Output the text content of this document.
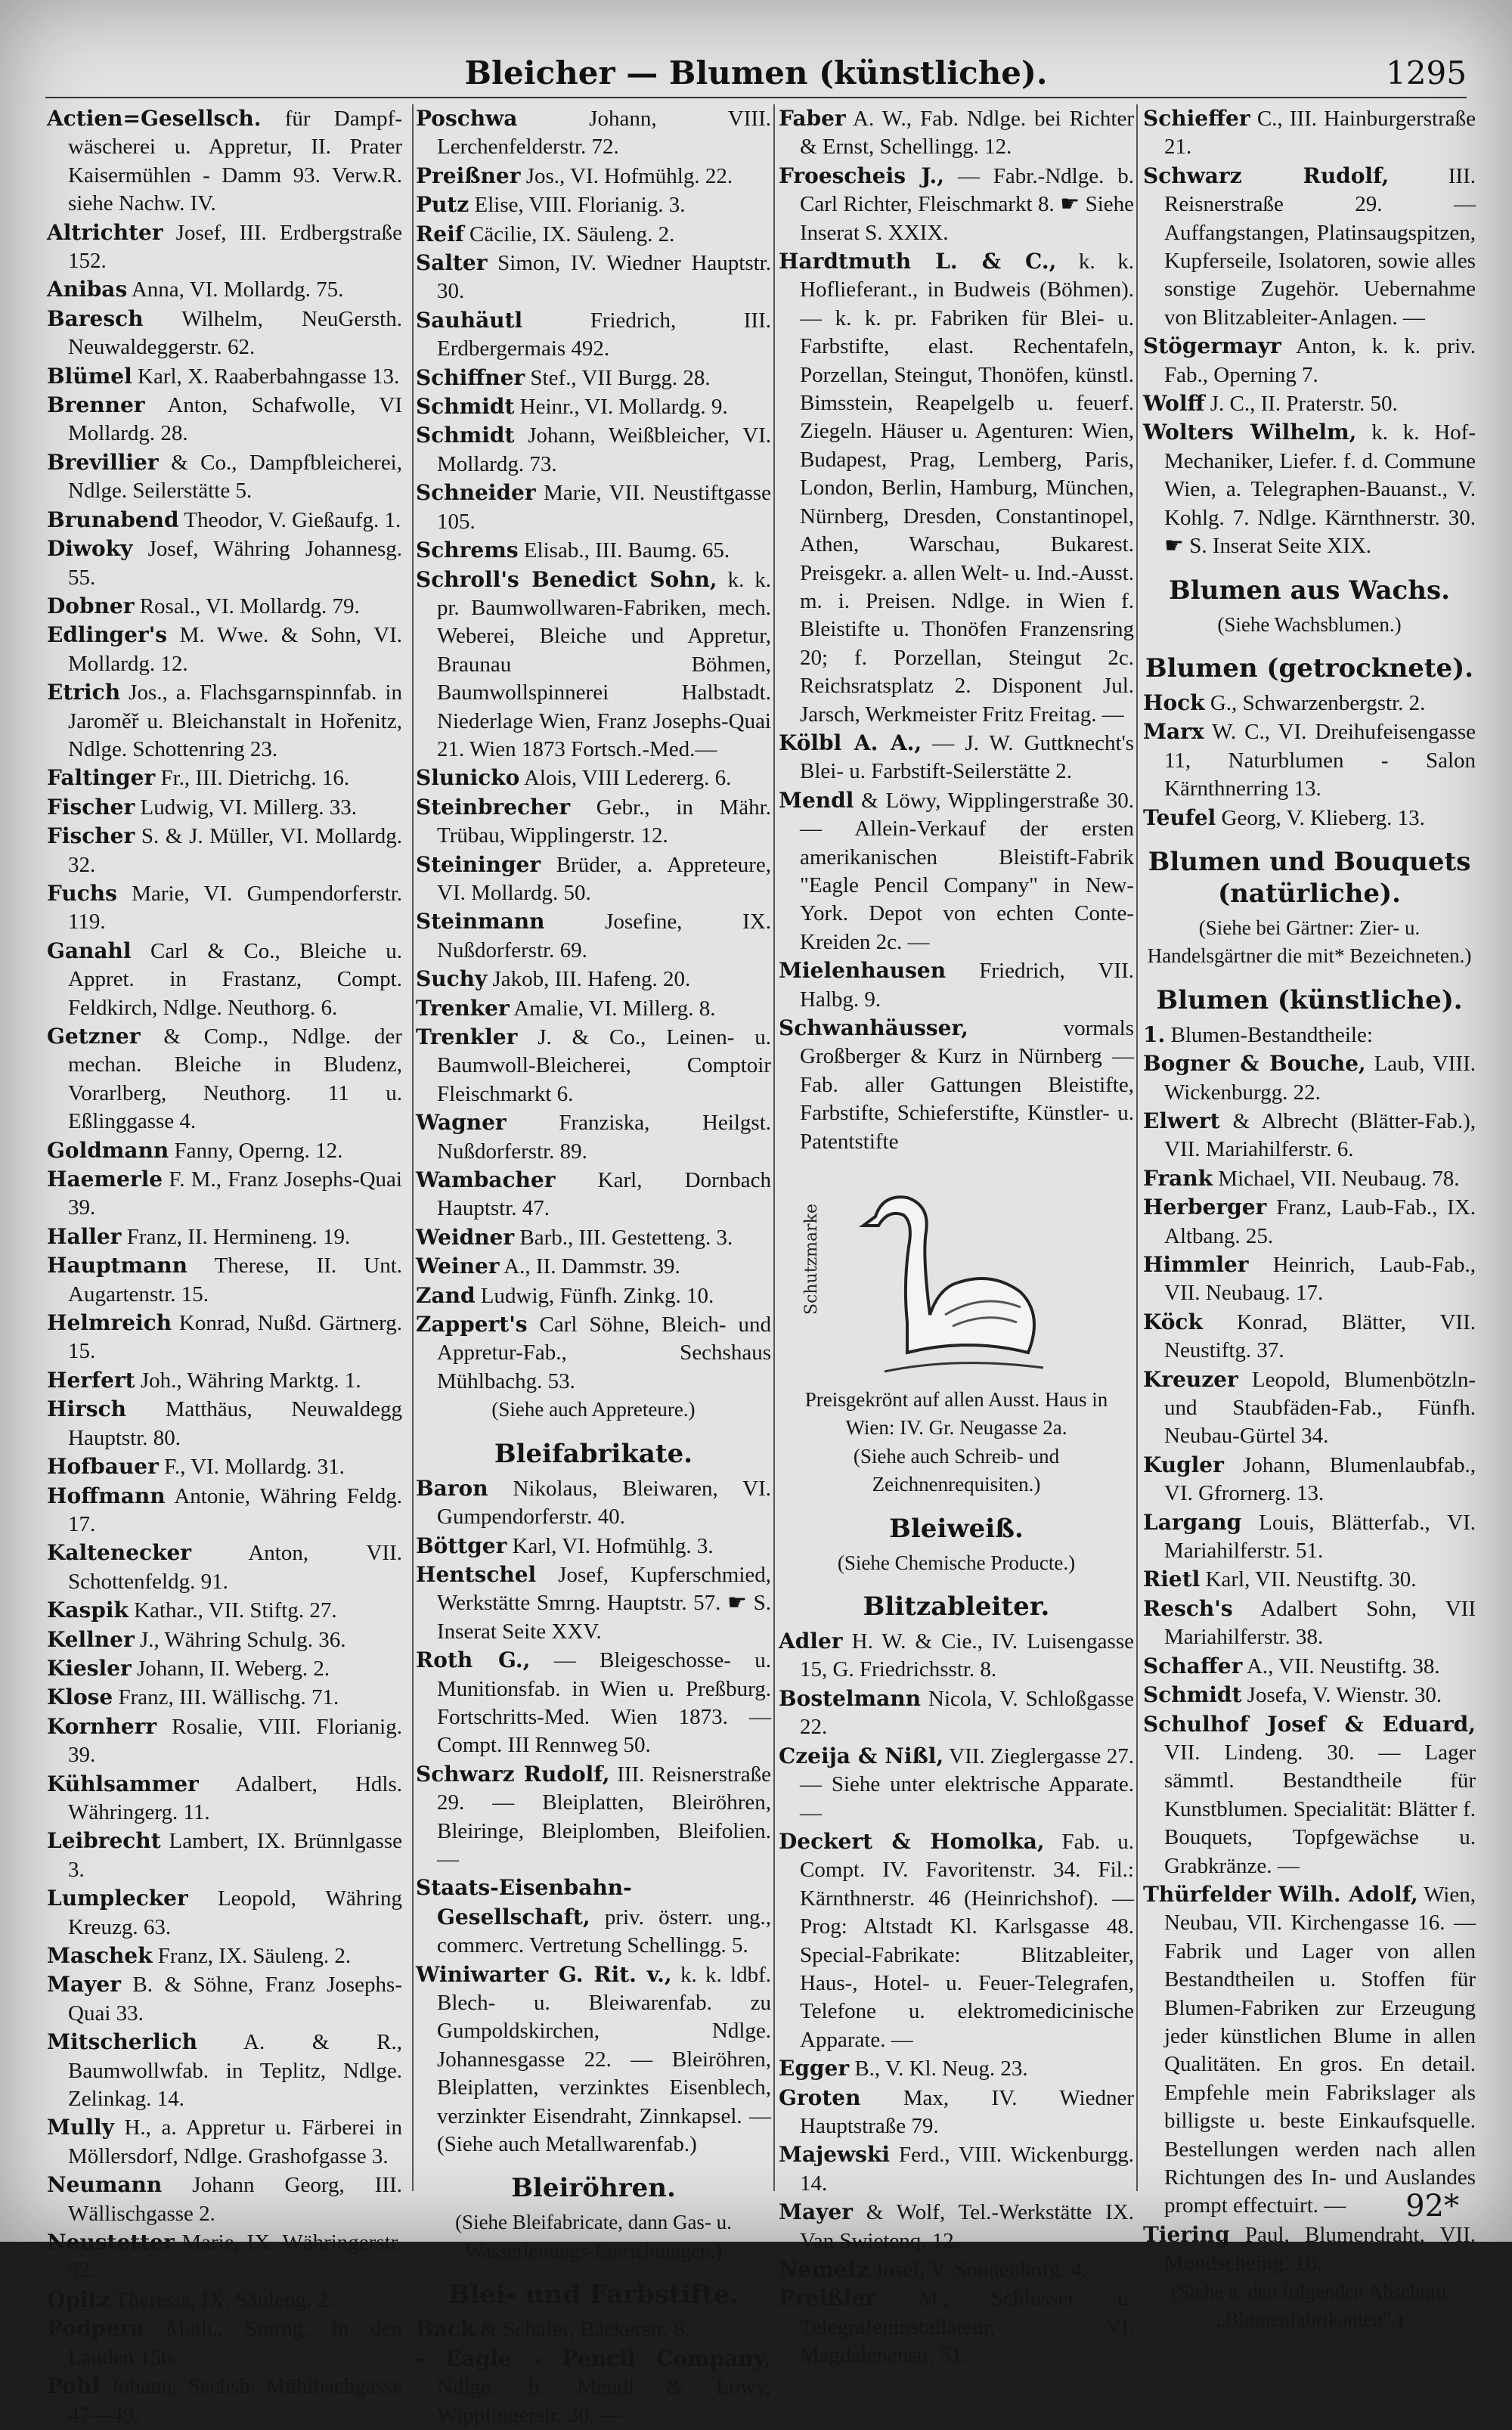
Bleicher — Blumen (künstliche).	1295

Actien=Gesellsch. für Dampf-wäscherei u. Appretur, II. Prater Kaisermühlen - Damm 93. Verw.R. siehe Nachw. IV.

Altrichter Josef, III. Erdbergstraße 152.

Anibas Anna, VI. Mollardg. 75.

Baresch Wilhelm, NeuGersth. Neuwaldeggerstr. 62.

Blümel Karl, X. Raaberbahngasse 13.

Brenner Anton, Schafwolle, VI Mollardg. 28.

Brevillier & Co., Dampfbleicherei, Ndlge. Seilerstätte 5.

Brunabend Theodor, V. Gießaufg. 1.

Diwoky Josef, Währing Johannesg. 55.

Dobner Rosal., VI. Mollardg. 79.

Edlinger's M. Wwe. & Sohn, VI. Mollardg. 12.

Etrich Jos., a. Flachsgarnspinnfab. in Jaroměř u. Bleichanstalt in Hořenitz, Ndlge. Schottenring 23.

Faltinger Fr., III. Dietrichg. 16.

Fischer Ludwig, VI. Millerg. 33.

Fischer S. & J. Müller, VI. Mollardg. 32.

Fuchs Marie, VI. Gumpendorferstr. 119.

Ganahl Carl & Co., Bleiche u. Appret. in Frastanz, Compt. Feldkirch, Ndlge. Neuthorg. 6.

Getzner & Comp., Ndlge. der mechan. Bleiche in Bludenz, Vorarlberg, Neuthorg. 11 u. Eßlinggasse 4.

Goldmann Fanny, Operng. 12.

Haemerle F. M., Franz Josephs-Quai 39.

Haller Franz, II. Hermineng. 19.

Hauptmann Therese, II. Unt. Augartenstr. 15.

Helmreich Konrad, Nußd. Gärtnerg. 15.

Herfert Joh., Währing Marktg. 1.

Hirsch Matthäus, Neuwaldegg Hauptstr. 80.

Hofbauer F., VI. Mollardg. 31.

Hoffmann Antonie, Währing Feldg. 17.

Kaltenecker Anton, VII. Schottenfeldg. 91.

Kaspik Kathar., VII. Stiftg. 27.

Kellner J., Währing Schulg. 36.

Kiesler Johann, II. Weberg. 2.

Klose Franz, III. Wällischg. 71.

Kornherr Rosalie, VIII. Florianig. 39.

Kühlsammer Adalbert, Hdls. Währingerg. 11.

Leibrecht Lambert, IX. Brünnlgasse 3.

Lumplecker Leopold, Währing Kreuzg. 63.

Maschek Franz, IX. Säuleng. 2.

Mayer B. & Söhne, Franz Josephs-Quai 33.

Mitscherlich A. & R., Baumwollwfab. in Teplitz, Ndlge. Zelinkag. 14.

Mully H., a. Appretur u. Färberei in Möllersdorf, Ndlge. Grashofgasse 3.

Neumann Johann Georg, III. Wällischgasse 2.

Neustetter Marie, IX. Währingerstr. 52.

Opitz Theresia, IX. Säuleng. 2.

Podpera Math., Smrng. In den Lauden 156.

Pohl Johann, Sechsh. Mühlbachgasse 47—49.

Poschwa Johann, VIII. Lerchenfelderstr. 72.

Preißner Jos., VI. Hofmühlg. 22.

Putz Elise, VIII. Florianig. 3.

Reif Cäcilie, IX. Säuleng. 2.

Salter Simon, IV. Wiedner Hauptstr. 30.

Sauhäutl Friedrich, III. Erdbergermais 492.

Schiffner Stef., VII Burgg. 28.

Schmidt Heinr., VI. Mollardg. 9.

Schmidt Johann, Weißbleicher, VI. Mollardg. 73.

Schneider Marie, VII. Neustiftgasse 105.

Schrems Elisab., III. Baumg. 65.

Schroll's Benedict Sohn, k. k. pr. Baumwollwaren-Fabriken, mech. Weberei, Bleiche und Appretur, Braunau Böhmen, Baumwollspinnerei Halbstadt. Niederlage Wien, Franz Josephs-Quai 21. Wien 1873 Fortsch.-Med.—

Slunicko Alois, VIII Ledererg. 6.

Steinbrecher Gebr., in Mähr. Trübau, Wipplingerstr. 12.

Steininger Brüder, a. Appreteure, VI. Mollardg. 50.

Steinmann Josefine, IX. Nußdorferstr. 69.

Suchy Jakob, III. Hafeng. 20.

Trenker Amalie, VI. Millerg. 8.

Trenkler J. & Co., Leinen- u. Baumwoll-Bleicherei, Comptoir Fleischmarkt 6.

Wagner Franziska, Heilgst. Nußdorferstr. 89.

Wambacher Karl, Dornbach Hauptstr. 47.

Weidner Barb., III. Gestetteng. 3.

Weiner A., II. Dammstr. 39.

Zand Ludwig, Fünfh. Zinkg. 10.

Zappert's Carl Söhne, Bleich- und Appretur-Fab., Sechshaus Mühlbachg. 53.

(Siehe auch Appreteure.)

Bleifabrikate.

Baron Nikolaus, Bleiwaren, VI. Gumpendorferstr. 40.

Böttger Karl, VI. Hofmühlg. 3.

Hentschel Josef, Kupferschmied, Werkstätte Smrng. Hauptstr. 57. ☛ S. Inserat Seite XXV.

Roth G., — Bleigeschosse- u. Munitionsfab. in Wien u. Preßburg. Fortschritts-Med. Wien 1873. — Compt. III Rennweg 50.

Schwarz Rudolf, III. Reisnerstraße 29. — Bleiplatten, Bleiröhren, Bleiringe, Bleiplomben, Bleifolien. —

Staats-Eisenbahn-Gesellschaft, priv. österr. ung., commerc. Vertretung Schellingg. 5.

Winiwarter G. Rit. v., k. k. ldbf. Blech- u. Bleiwarenfab. zu Gumpoldskirchen, Ndlge. Johannesgasse 22. — Bleiröhren, Bleiplatten, verzinktes Eisenblech, verzinkter Eisendraht, Zinnkapsel. — (Siehe auch Metallwarenfab.)

Bleiröhren.

(Siehe Bleifabricate, dann Gas- u. Wasserleitungs-Einrichtungen.)

Blei- und Farbstifte.

Back & Schäfer, Bäckerstr. 8.

- Eagle - Pencil Company, Ndlge. b. Mendl & Löwy, Wipplingerstr. 30. —

Faber A. W., Fab. Ndlge. bei Richter & Ernst, Schellingg. 12.

Froescheis J., — Fabr.-Ndlge. b. Carl Richter, Fleischmarkt 8. ☛ Siehe Inserat S. XXIX.

Hardtmuth L. & C., k. k. Hoflieferant., in Budweis (Böhmen). — k. k. pr. Fabriken für Blei- u. Farbstifte, elast. Rechentafeln, Porzellan, Steingut, Thonöfen, künstl. Bimsstein, Reapelgelb u. feuerf. Ziegeln. Häuser u. Agenturen: Wien, Budapest, Prag, Lemberg, Paris, London, Berlin, Hamburg, München, Nürnberg, Dresden, Constantinopel, Athen, Warschau, Bukarest. Preisgekr. a. allen Welt- u. Ind.-Ausst. m. i. Preisen. Ndlge. in Wien f. Bleistifte u. Thonöfen Franzensring 20; f. Porzellan, Steingut 2c. Reichsratsplatz 2. Disponent Jul. Jarsch, Werkmeister Fritz Freitag. —

Kölbl A. A., — J. W. Guttknecht's Blei- u. Farbstift-Seilerstätte 2.

Mendl & Löwy, Wipplingerstraße 30. — Allein-Verkauf der ersten amerikanischen Bleistift-Fabrik "Eagle Pencil Company" in New-York. Depot von echten Conte-Kreiden 2c. —

Mielenhausen Friedrich, VII. Halbg. 9.

Schwanhäusser, vormals Großberger & Kurz in Nürnberg — Fab. aller Gattungen Bleistifte, Farbstifte, Schieferstifte, Künstler- u. Patentstifte

Schutzmarke

Preisgekrönt auf allen Ausst. Haus in Wien: IV. Gr. Neugasse 2a.

(Siehe auch Schreib- und Zeichnenrequisiten.)

Bleiweiß.

(Siehe Chemische Producte.)

Blitzableiter.

Adler H. W. & Cie., IV. Luisengasse 15, G. Friedrichsstr. 8.

Bostelmann Nicola, V. Schloßgasse 22.

Czeija & Nißl, VII. Zieglergasse 27. — Siehe unter elektrische Apparate. —

Deckert & Homolka, Fab. u. Compt. IV. Favoritenstr. 34. Fil.: Kärnthnerstr. 46 (Heinrichshof). — Prog: Altstadt Kl. Karlsgasse 48. Special-Fabrikate: Blitzableiter, Haus-, Hotel- u. Feuer-Telegrafen, Telefone u. elektromedicinische Apparate. —

Egger B., V. Kl. Neug. 23.

Groten Max, IV. Wiedner Hauptstraße 79.

Majewski Ferd., VIII. Wickenburgg. 14.

Mayer & Wolf, Tel.-Werkstätte IX. Van Swietenq. 12.

Nemetz Josef, V. Sonnenhofg. 4.

Preißler M., Schlosser u. Telegrafeninstallateur, VI. Magdalenenstr. 51.

Schieffer C., III. Hainburgerstraße 21.

Schwarz Rudolf, III. Reisnerstraße 29. — Auffangstangen, Platinsaugspitzen, Kupferseile, Isolatoren, sowie alles sonstige Zugehör. Uebernahme von Blitzableiter-Anlagen. —

Stögermayr Anton, k. k. priv. Fab., Operning 7.

Wolff J. C., II. Praterstr. 50.

Wolters Wilhelm, k. k. Hof-Mechaniker, Liefer. f. d. Commune Wien, a. Telegraphen-Bauanst., V. Kohlg. 7. Ndlge. Kärnthnerstr. 30. ☛ S. Inserat Seite XIX.

Blumen aus Wachs.

(Siehe Wachsblumen.)

Blumen (getrocknete).

Hock G., Schwarzenbergstr. 2.

Marx W. C., VI. Dreihufeisengasse 11, Naturblumen - Salon Kärnthnerring 13.

Teufel Georg, V. Klieberg. 13.

Blumen und Bouquets (natürliche).

(Siehe bei Gärtner: Zier- u. Handelsgärtner die mit* Bezeichneten.)

Blumen (künstliche).

1. Blumen-Bestandtheile:

Bogner & Bouche, Laub, VIII. Wickenburgg. 22.

Elwert & Albrecht (Blätter-Fab.), VII. Mariahilferstr. 6.

Frank Michael, VII. Neubaug. 78.

Herberger Franz, Laub-Fab., IX. Altbang. 25.

Himmler Heinrich, Laub-Fab., VII. Neubaug. 17.

Köck Konrad, Blätter, VII. Neustiftg. 37.

Kreuzer Leopold, Blumenbötzln- und Staubfäden-Fab., Fünfh. Neubau-Gürtel 34.

Kugler Johann, Blumenlaubfab., VI. Gfrornerg. 13.

Largang Louis, Blätterfab., VI. Mariahilferstr. 51.

Rietl Karl, VII. Neustiftg. 30.

Resch's Adalbert Sohn, VII Mariahilferstr. 38.

Schaffer A., VII. Neustiftg. 38.

Schmidt Josefa, V. Wienstr. 30.

Schulhof Josef & Eduard, VII. Lindeng. 30. — Lager sämmtl. Bestandtheile für Kunstblumen. Specialität: Blätter f. Bouquets, Topfgewächse u. Grabkränze. —

Thürfelder Wilh. Adolf, Wien, Neubau, VII. Kirchengasse 16. — Fabrik und Lager von allen Bestandtheilen u. Stoffen für Blumen-Fabriken zur Erzeugung jeder künstlichen Blume in allen Qualitäten. En gros. En detail. Empfehle mein Fabrikslager als billigste u. beste Einkaufsquelle. Bestellungen werden nach allen Richtungen des In- und Auslandes prompt effectuirt. —

Tiering Paul, Blumendraht, VII. Mondscheing. 16.

(Siehe a. den folgenden Abschnitt „Blumenfabrikanten".)

92*
